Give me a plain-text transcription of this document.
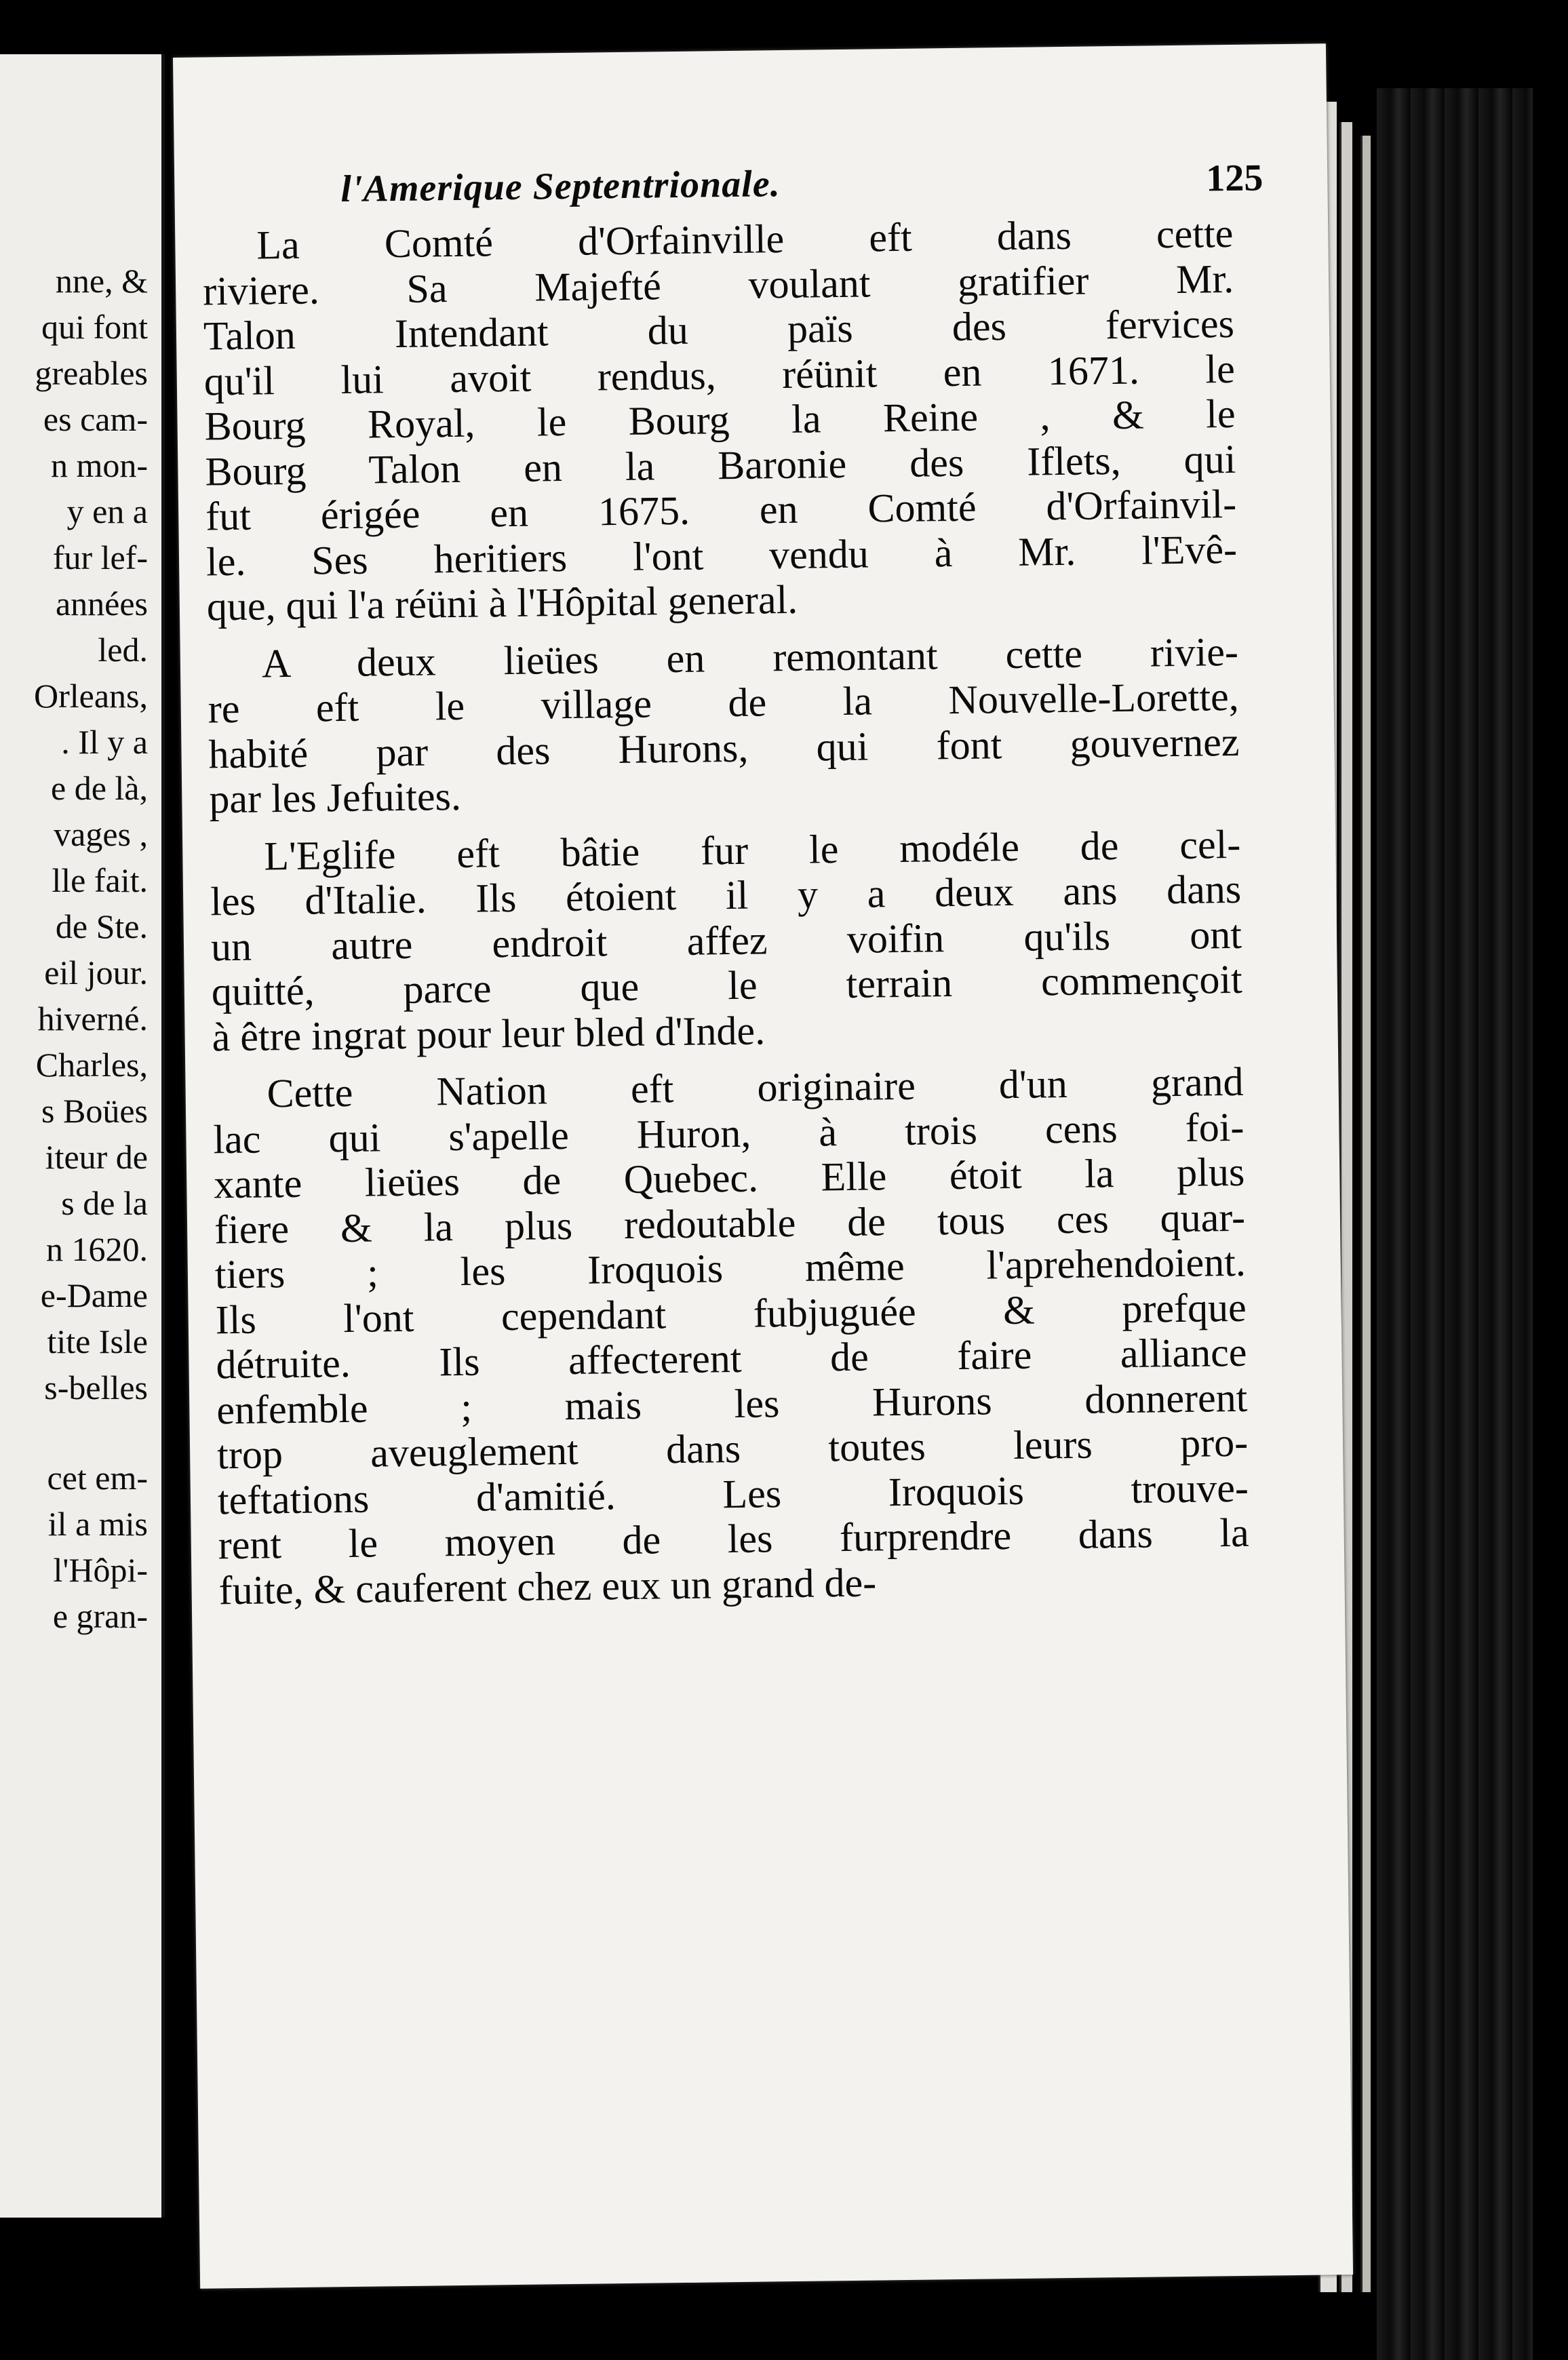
nne, &
qui font
greables
es cam-
n mon-
y en a
fur lef-
années
led.
Orleans,
. Il y a
e de là,
vages ,
lle fait.
de Ste.
eil jour.
hiverné.
Charles,
s Boües
iteur de
s de la
n 1620.
e-Dame
tite Isle
s-belles
cet em-
il a mis
l'Hôpi-
e gran-
l'Amerique Septentrionale.	125
La Comté d'Orfainville eft dans cette
riviere. Sa Majefté voulant gratifier Mr.
Talon Intendant du païs des fervices
qu'il lui avoit rendus, réünit en 1671. le
Bourg Royal, le Bourg la Reine , & le
Bourg Talon en la Baronie des Iflets, qui
fut érigée en 1675. en Comté d'Orfainvil-
le. Ses heritiers l'ont vendu à Mr. l'Evê-
que, qui l'a réüni à l'Hôpital general.
A deux lieües en remontant cette rivie-
re eft le village de la Nouvelle-Lorette,
habité par des Hurons, qui font gouvernez
par les Jefuites.
L'Eglife eft bâtie fur le modéle de cel-
les d'Italie. Ils étoient il y a deux ans dans
un autre endroit affez voifin qu'ils ont
quitté, parce que le terrain commençoit
à être ingrat pour leur bled d'Inde.
Cette Nation eft originaire d'un grand
lac qui s'apelle Huron, à trois cens foi-
xante lieües de Quebec. Elle étoit la plus
fiere & la plus redoutable de tous ces quar-
tiers ; les Iroquois même l'aprehendoient.
Ils l'ont cependant fubjuguée & prefque
détruite. Ils affecterent de faire alliance
enfemble ; mais les Hurons donnerent
trop aveuglement dans toutes leurs pro-
teftations d'amitié. Les Iroquois trouve-
rent le moyen de les furprendre dans la
fuite, & cauferent chez eux un grand de-
